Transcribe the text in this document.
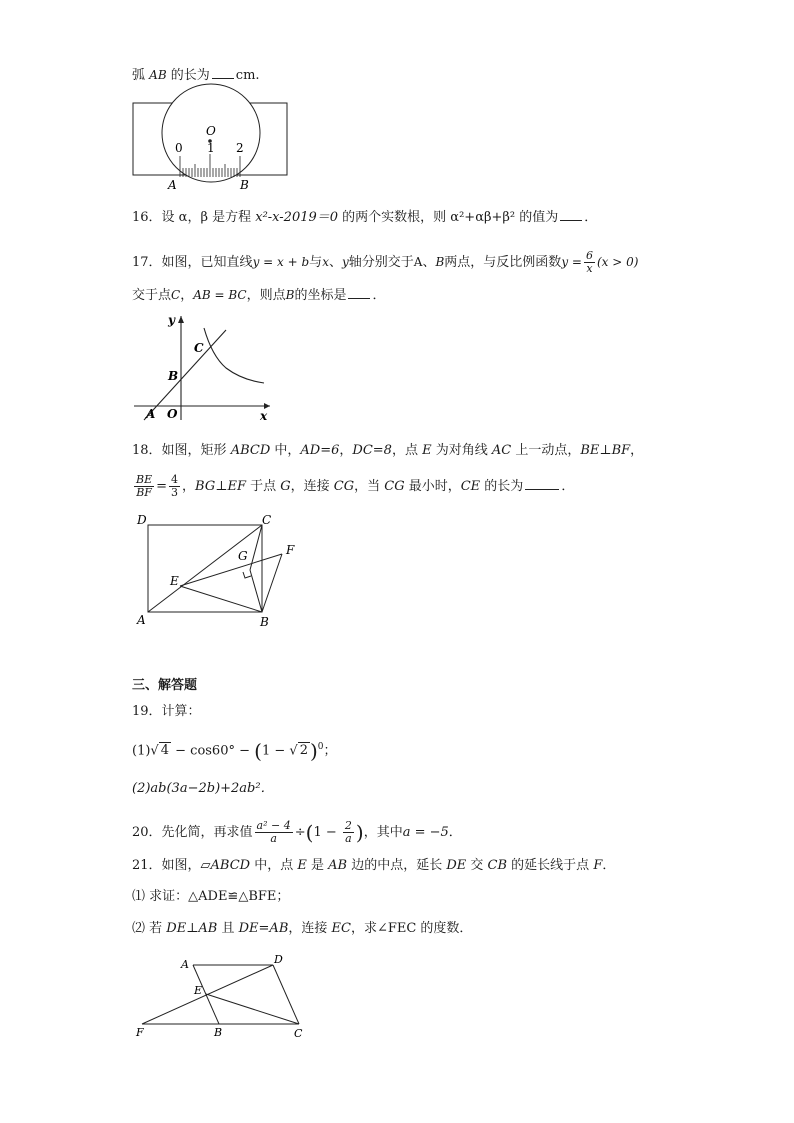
弧 AB 的长为 cm.
O
0 1 2
A	B
16．设 α，β 是方程 x²-x-2019＝0 的两个实数根，则 α²+αβ+β² 的值为 ．
17．如图，已知直线y = x + b与x、y轴分别交于A、B两点，与反比例函数$y = \frac{6}{x} (x > 0)$
交于点C，AB = BC，则点B的坐标是 ．
y
C
B
A O	x
18．如图，矩形 ABCD 中，AD=6，DC=8，点 E 为对角线 AC 上一动点，BE⊥BF，
$\frac{BE}{BF} = \frac{4}{3}$ ，BG⊥EF 于点 G，连接 CG，当 CG 最小时，CE 的长为	．
D	C
G	F
E
A	B
三、解答题
19．计算：
(1)√ 4 − cos60° − (1 − √ 2 )$^0$；
(2)ab(3a−2b)+2ab²．
20．先化简，再求值 $\frac{\text{a² − 4}}{a} \div(1 - \frac{2}{a}$ )，其中a = −5．
21．如图，▱ABCD 中，点 E 是 AB 边的中点，延长 DE 交 CB 的延长线于点 F．
⑴ 求证：△ADE≌△BFE；
⑵ 若 DE⊥AB 且 DE=AB，连接 EC，求∠FEC 的度数．
A	D
E
F	B	C
